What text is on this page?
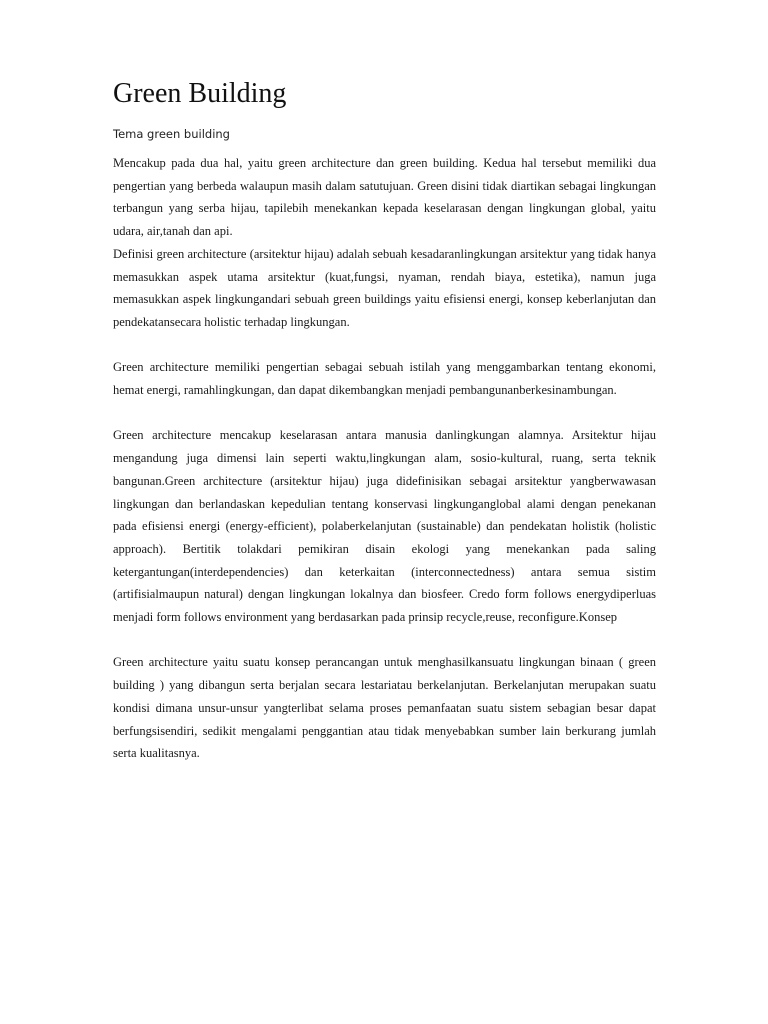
Green Building
Tema green building

Mencakup pada dua hal, yaitu green architecture dan green building. Kedua hal tersebut memiliki dua pengertian yang berbeda walaupun masih dalam satutujuan. Green disini tidak diartikan sebagai lingkungan terbangun yang serba hijau, tapilebih menekankan kepada keselarasan dengan lingkungan global, yaitu udara, air,tanah dan api.

Definisi green architecture (arsitektur hijau) adalah sebuah kesadaranlingkungan arsitektur yang tidak hanya memasukkan aspek utama arsitektur (kuat,fungsi, nyaman, rendah biaya, estetika), namun juga memasukkan aspek lingkungandari sebuah green buildings yaitu efisiensi energi, konsep keberlanjutan dan pendekatansecara holistic terhadap lingkungan.

Green architecture memiliki pengertian sebagai sebuah istilah yang menggambarkan tentang ekonomi, hemat energi, ramahlingkungan, dan dapat dikembangkan menjadi pembangunanberkesinambungan.

Green architecture mencakup keselarasan antara manusia danlingkungan alamnya. Arsitektur hijau mengandung juga dimensi lain seperti waktu,lingkungan alam, sosio-kultural, ruang, serta teknik bangunan.Green architecture (arsitektur hijau) juga didefinisikan sebagai arsitektur yangberwawasan lingkungan dan berlandaskan kepedulian tentang konservasi lingkunganglobal alami dengan penekanan pada efisiensi energi (energy-efficient), polaberkelanjutan (sustainable) dan pendekatan holistik (holistic approach). Bertitik tolakdari pemikiran disain ekologi yang menekankan pada saling ketergantungan(interdependencies) dan keterkaitan (interconnectedness) antara semua sistim (artifisialmaupun natural) dengan lingkungan lokalnya dan biosfeer. Credo form follows energydiperluas menjadi form follows environment yang berdasarkan pada prinsip recycle,reuse, reconfigure.Konsep

Green architecture yaitu suatu konsep perancangan untuk menghasilkansuatu lingkungan binaan ( green building ) yang dibangun serta berjalan secara lestariatau berkelanjutan. Berkelanjutan merupakan suatu kondisi dimana unsur-unsur yangterlibat selama proses pemanfaatan suatu sistem sebagian besar dapat berfungsisendiri, sedikit mengalami penggantian atau tidak menyebabkan sumber lain berkurang jumlah serta kualitasnya.
